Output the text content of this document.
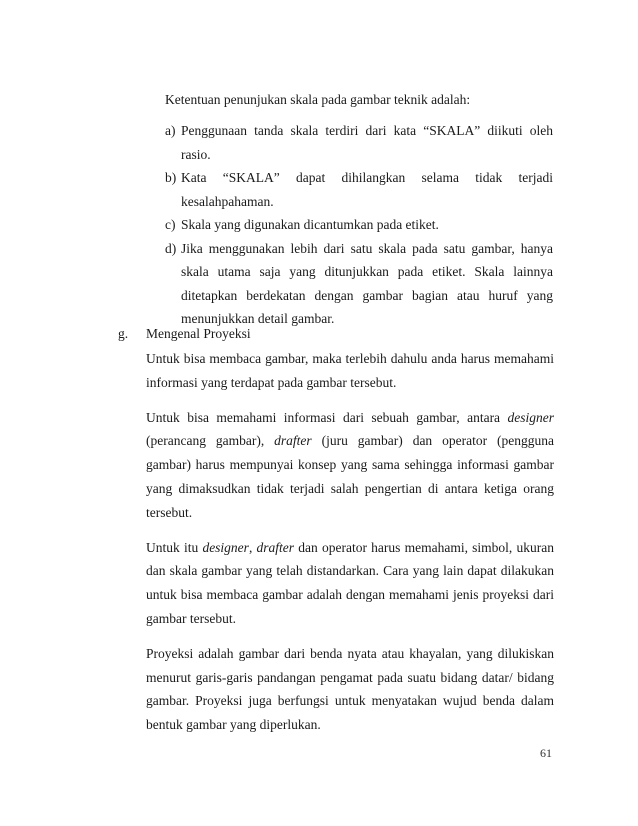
Ketentuan penunjukan skala pada gambar teknik adalah:
a) Penggunaan tanda skala terdiri dari kata “SKALA” diikuti oleh rasio.
b) Kata “SKALA” dapat dihilangkan selama tidak terjadi kesalahpahaman.
c) Skala yang digunakan dicantumkan pada etiket.
d) Jika menggunakan lebih dari satu skala pada satu gambar, hanya skala utama saja yang ditunjukkan pada etiket. Skala lainnya ditetapkan berdekatan dengan gambar bagian atau huruf yang menunjukkan detail gambar.
g. Mengenal Proyeksi

Untuk bisa membaca gambar, maka terlebih dahulu anda harus memahami informasi yang terdapat pada gambar tersebut.

Untuk bisa memahami informasi dari sebuah gambar, antara designer (perancang gambar), drafter (juru gambar) dan operator (pengguna gambar) harus mempunyai konsep yang sama sehingga informasi gambar yang dimaksudkan tidak terjadi salah pengertian di antara ketiga orang tersebut.

Untuk itu designer, drafter dan operator harus memahami, simbol, ukuran dan skala gambar yang telah distandarkan. Cara yang lain dapat dilakukan untuk bisa membaca gambar adalah dengan memahami jenis proyeksi dari gambar tersebut.

Proyeksi adalah gambar dari benda nyata atau khayalan, yang dilukiskan menurut garis-garis pandangan pengamat pada suatu bidang datar/ bidang gambar. Proyeksi juga berfungsi untuk menyatakan wujud benda dalam bentuk gambar yang diperlukan.

61
